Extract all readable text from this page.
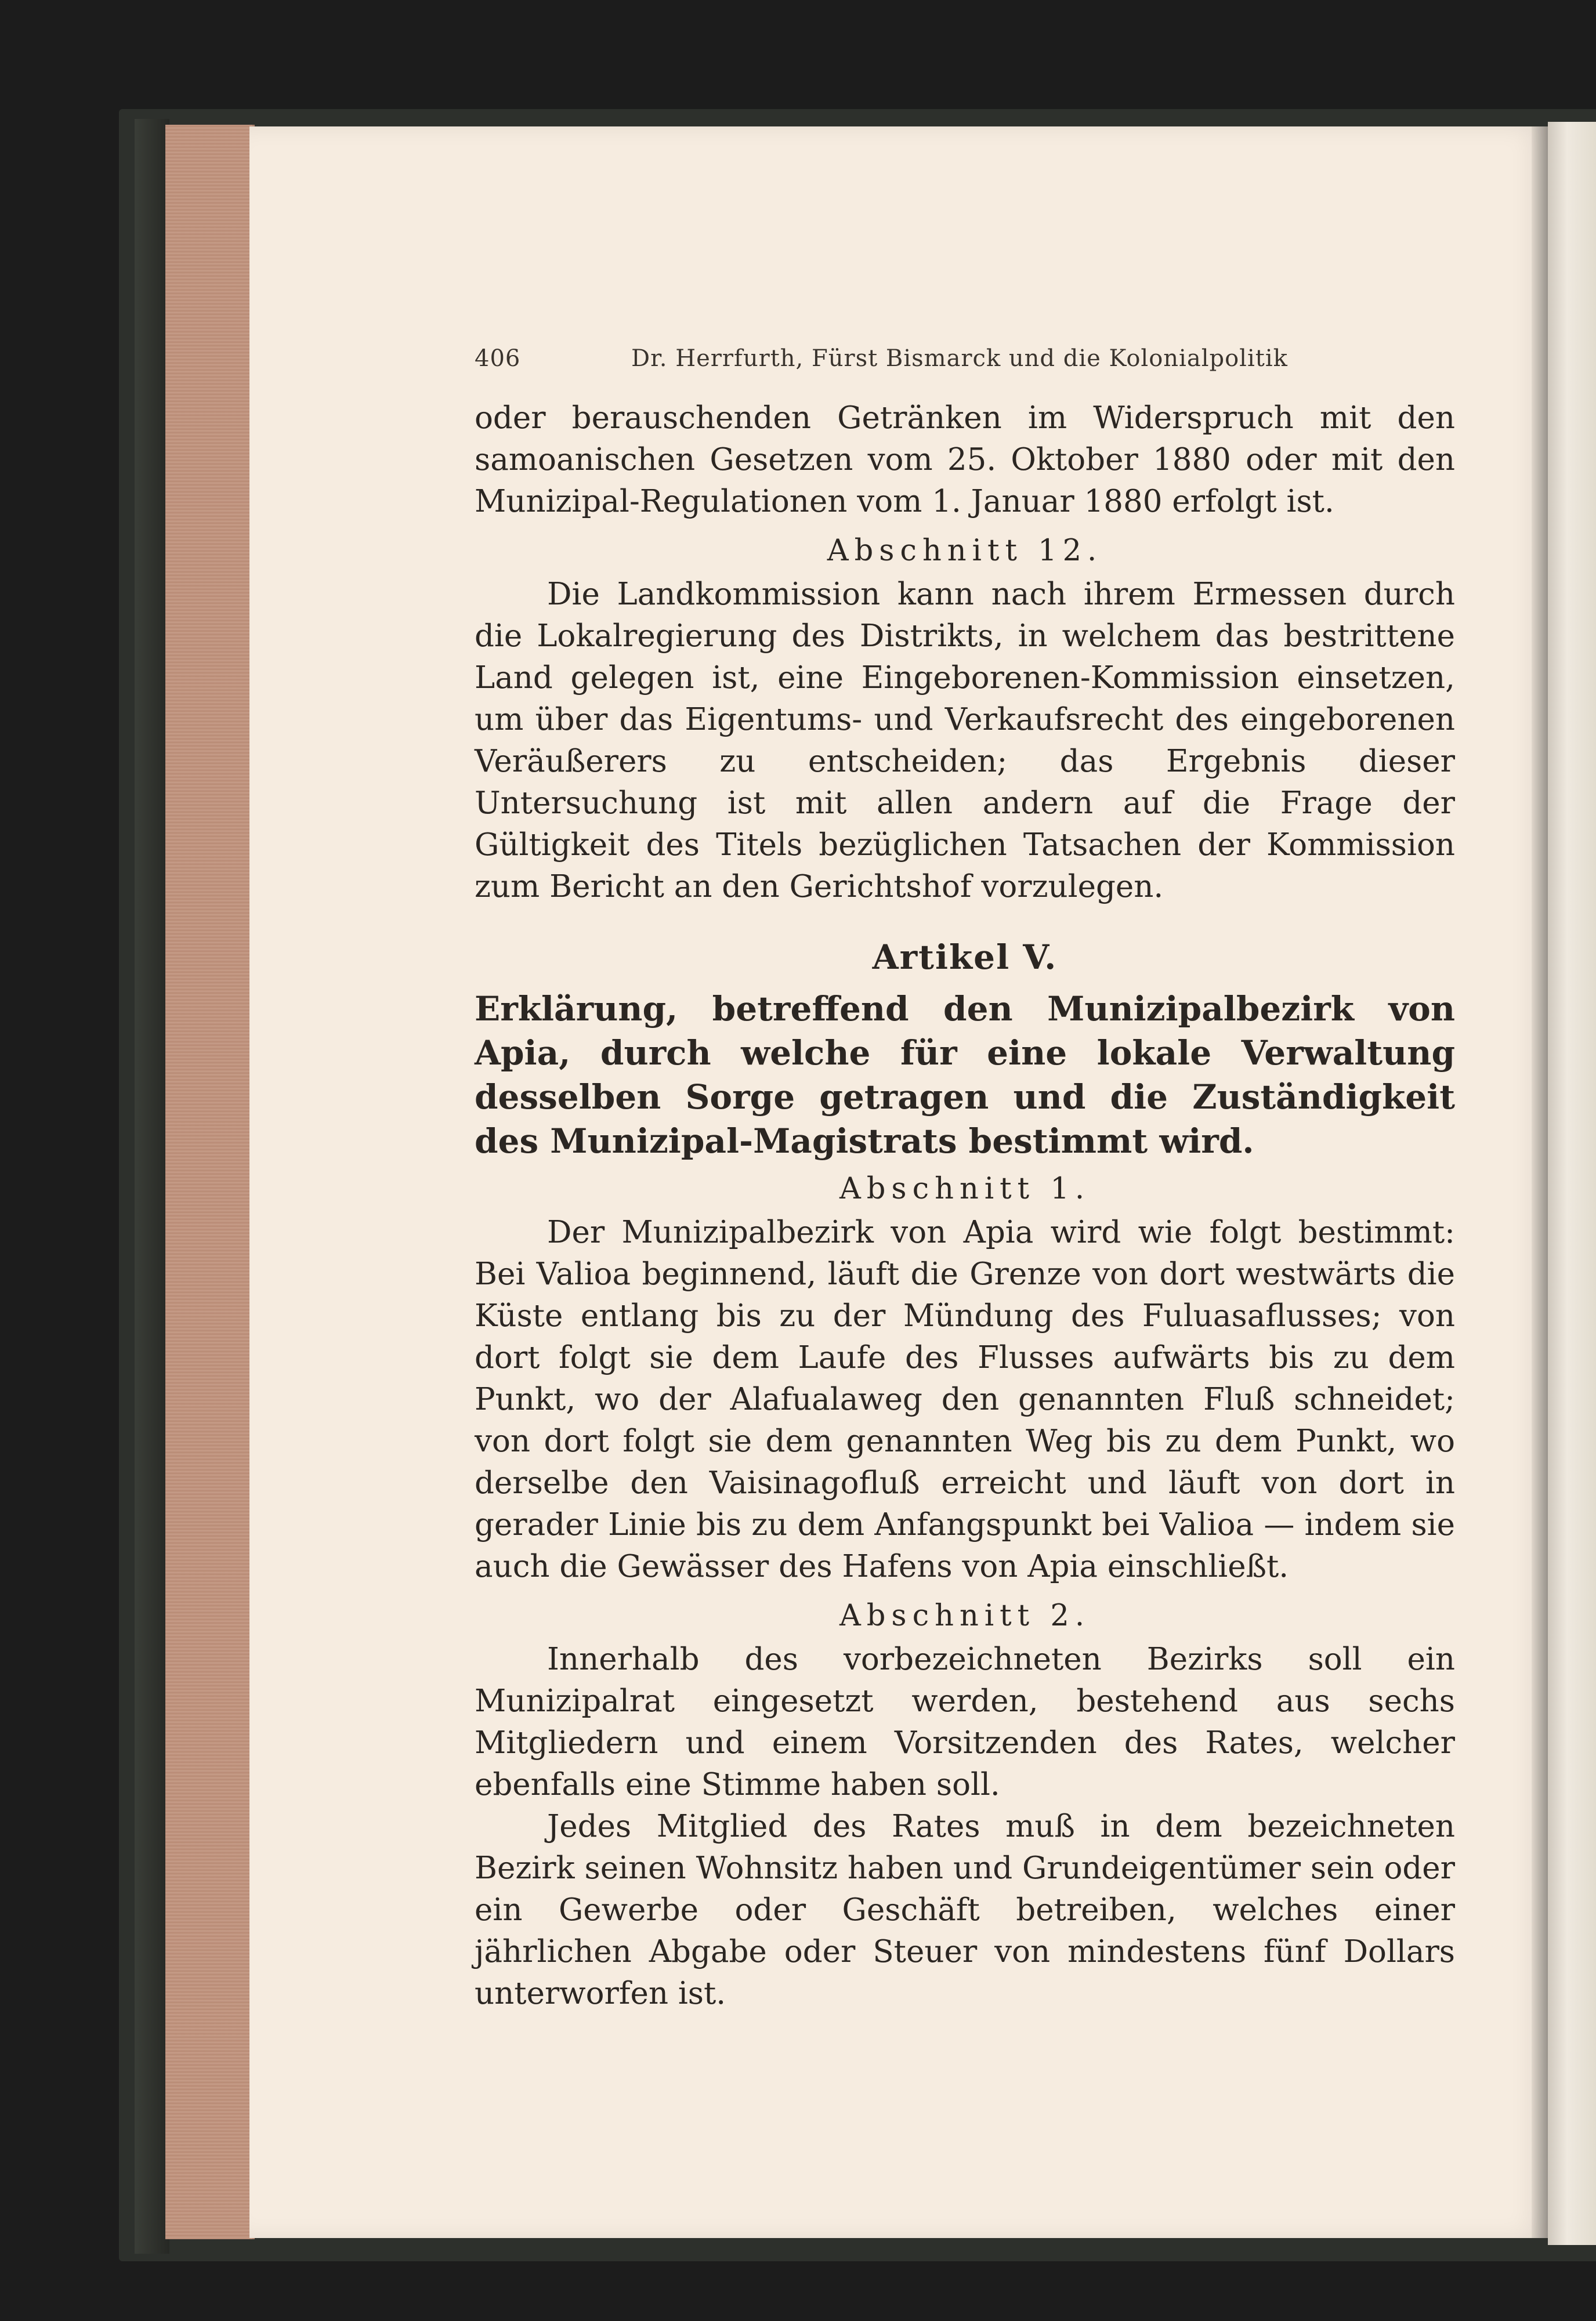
406	Dr. Herrfurth, Fürst Bismarck und die Kolonialpolitik

oder berauschenden Getränken im Widerspruch mit den samoanischen Gesetzen vom 25. Oktober 1880 oder mit den Munizipal-Regulationen vom 1. Januar 1880 erfolgt ist.

Abschnitt 12.

Die Landkommission kann nach ihrem Ermessen durch die Lokalregierung des Distrikts, in welchem das bestrittene Land gelegen ist, eine Eingeborenen-Kommission einsetzen, um über das Eigentums- und Verkaufsrecht des eingeborenen Veräußerers zu entscheiden; das Ergebnis dieser Untersuchung ist mit allen andern auf die Frage der Gültigkeit des Titels bezüglichen Tatsachen der Kommission zum Bericht an den Gerichtshof vorzulegen.

Artikel V.

Erklärung, betreffend den Munizipalbezirk von Apia, durch welche für eine lokale Verwaltung desselben Sorge getragen und die Zuständigkeit des Munizipal-Magistrats bestimmt wird.

Abschnitt 1.

Der Munizipalbezirk von Apia wird wie folgt bestimmt: Bei Valioa beginnend, läuft die Grenze von dort westwärts die Küste entlang bis zu der Mündung des Fuluasaflusses; von dort folgt sie dem Laufe des Flusses aufwärts bis zu dem Punkt, wo der Alafualaweg den genannten Fluß schneidet; von dort folgt sie dem genannten Weg bis zu dem Punkt, wo derselbe den Vaisinagofluß erreicht und läuft von dort in gerader Linie bis zu dem Anfangspunkt bei Valioa — indem sie auch die Gewässer des Hafens von Apia einschließt.

Abschnitt 2.

Innerhalb des vorbezeichneten Bezirks soll ein Munizipalrat eingesetzt werden, bestehend aus sechs Mitgliedern und einem Vorsitzenden des Rates, welcher ebenfalls eine Stimme haben soll.

Jedes Mitglied des Rates muß in dem bezeichneten Bezirk seinen Wohnsitz haben und Grundeigentümer sein oder ein Gewerbe oder Geschäft betreiben, welches einer jährlichen Abgabe oder Steuer von mindestens fünf Dollars unterworfen ist.
